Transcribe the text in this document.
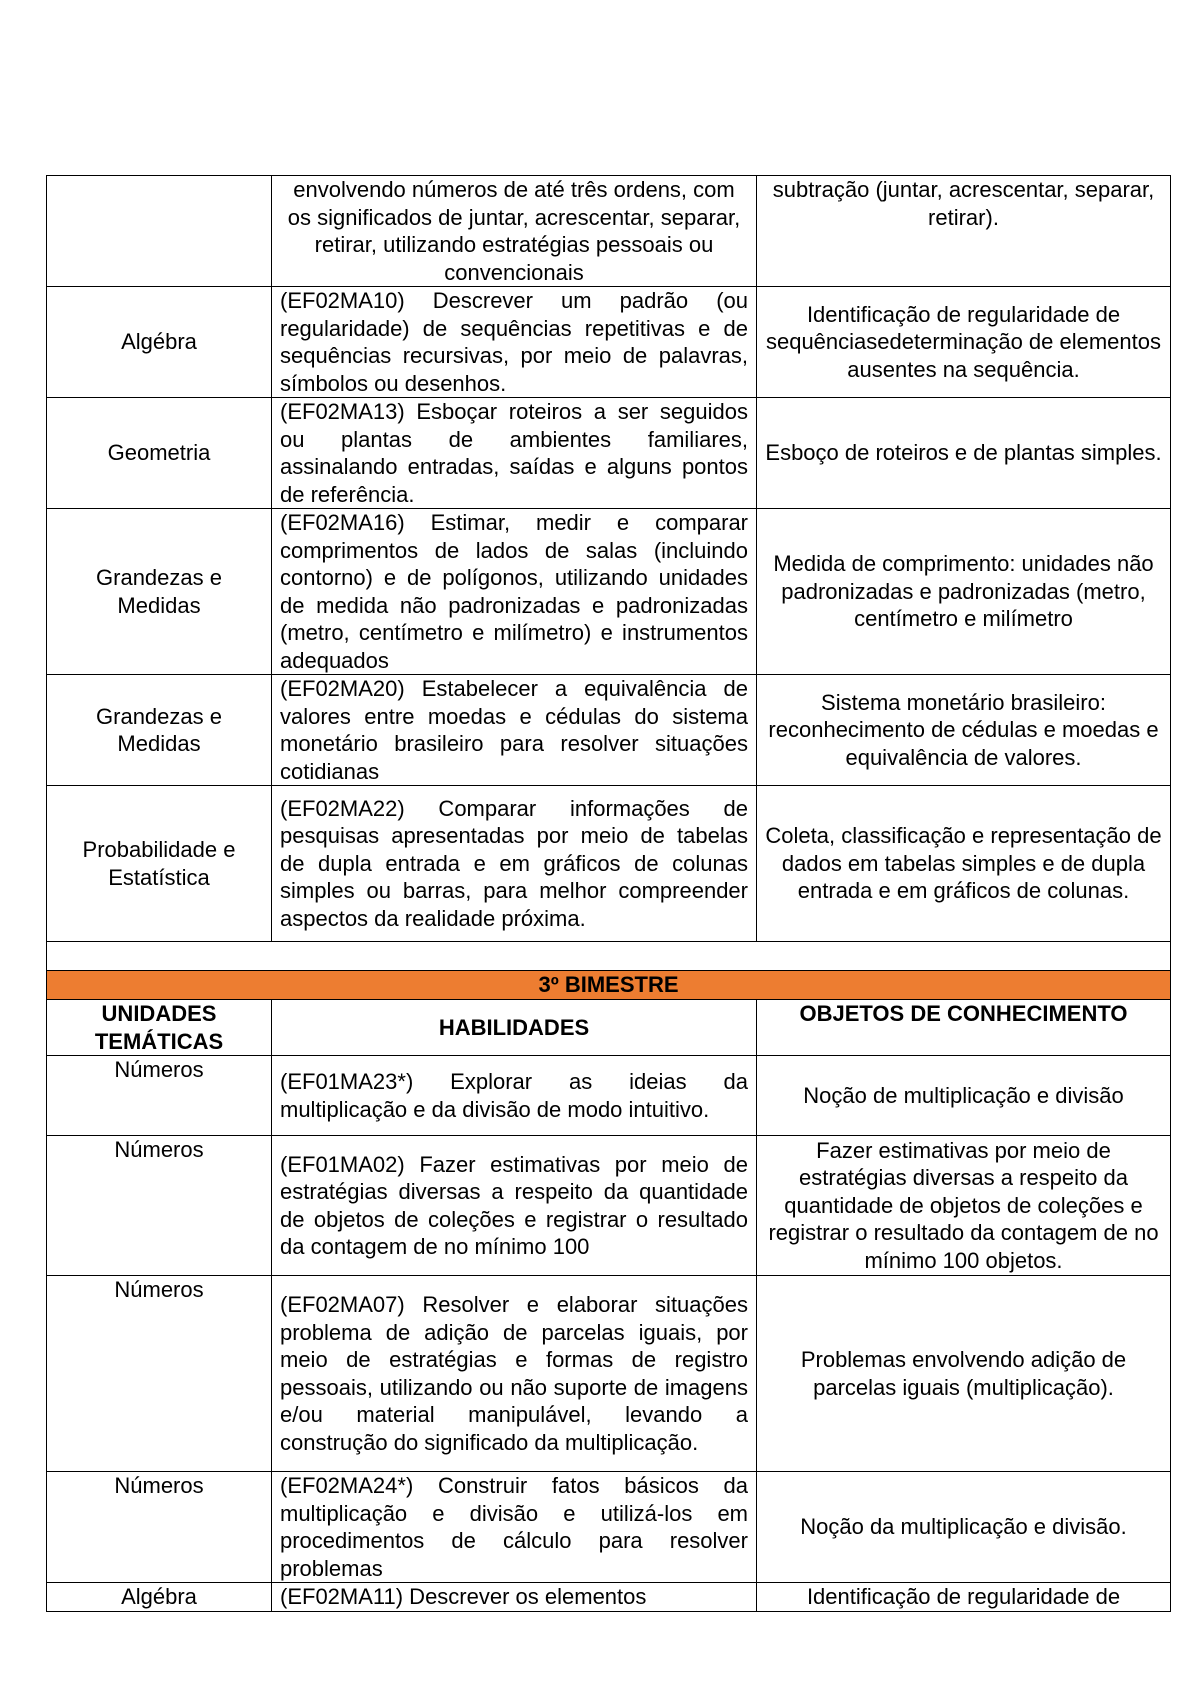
	envolvendo números de até três ordens, com os significados de juntar, acrescentar, separar, retirar, utilizando estratégias pessoais ou convencionais	subtração (juntar, acrescentar, separar, retirar).
Algébra	(EF02MA10) Descrever um padrão (ou regularidade) de sequências repetitivas e de sequências recursivas, por meio de palavras, símbolos ou desenhos.	Identificação de regularidade de sequênciasedeterminação de elementos ausentes na sequência.
Geometria	(EF02MA13) Esboçar roteiros a ser seguidos ou plantas de ambientes familiares, assinalando entradas, saídas e alguns pontos de referência.	Esboço de roteiros e de plantas simples.
Grandezas e Medidas	(EF02MA16) Estimar, medir e comparar comprimentos de lados de salas (incluindo contorno) e de polígonos, utilizando unidades de medida não padronizadas e padronizadas (metro, centímetro e milímetro) e instrumentos adequados	Medida de comprimento: unidades não padronizadas e padronizadas (metro, centímetro e milímetro
Grandezas e Medidas	(EF02MA20) Estabelecer a equivalência de valores entre moedas e cédulas do sistema monetário brasileiro para resolver situações cotidianas	Sistema monetário brasileiro: reconhecimento de cédulas e moedas e equivalência de valores.
Probabilidade e Estatística	(EF02MA22) Comparar informações de pesquisas apresentadas por meio de tabelas de dupla entrada e em gráficos de colunas simples ou barras, para melhor compreender aspectos da realidade próxima.	Coleta, classificação e representação de dados em tabelas simples e de dupla entrada e em gráficos de colunas.

3º BIMESTRE		
UNIDADES TEMÁTICAS	HABILIDADES	OBJETOS DE CONHECIMENTO
Números	(EF01MA23*) Explorar as ideias da multiplicação e da divisão de modo intuitivo.	Noção de multiplicação e divisão
Números	(EF01MA02) Fazer estimativas por meio de estratégias diversas a respeito da quantidade de objetos de coleções e registrar o resultado da contagem de no mínimo 100	Fazer estimativas por meio de estratégias diversas a respeito da quantidade de objetos de coleções e registrar o resultado da contagem de no mínimo 100 objetos.
Números	(EF02MA07) Resolver e elaborar situações problema de adição de parcelas iguais, por meio de estratégias e formas de registro pessoais, utilizando ou não suporte de imagens e/ou material manipulável, levando a construção do significado da multiplicação.	Problemas envolvendo adição de parcelas iguais (multiplicação).
Números	(EF02MA24*) Construir fatos básicos da multiplicação e divisão e utilizá-los em procedimentos de cálculo para resolver problemas	Noção da multiplicação e divisão.
Algébra	(EF02MA11) Descrever os elementos	Identificação de regularidade de
